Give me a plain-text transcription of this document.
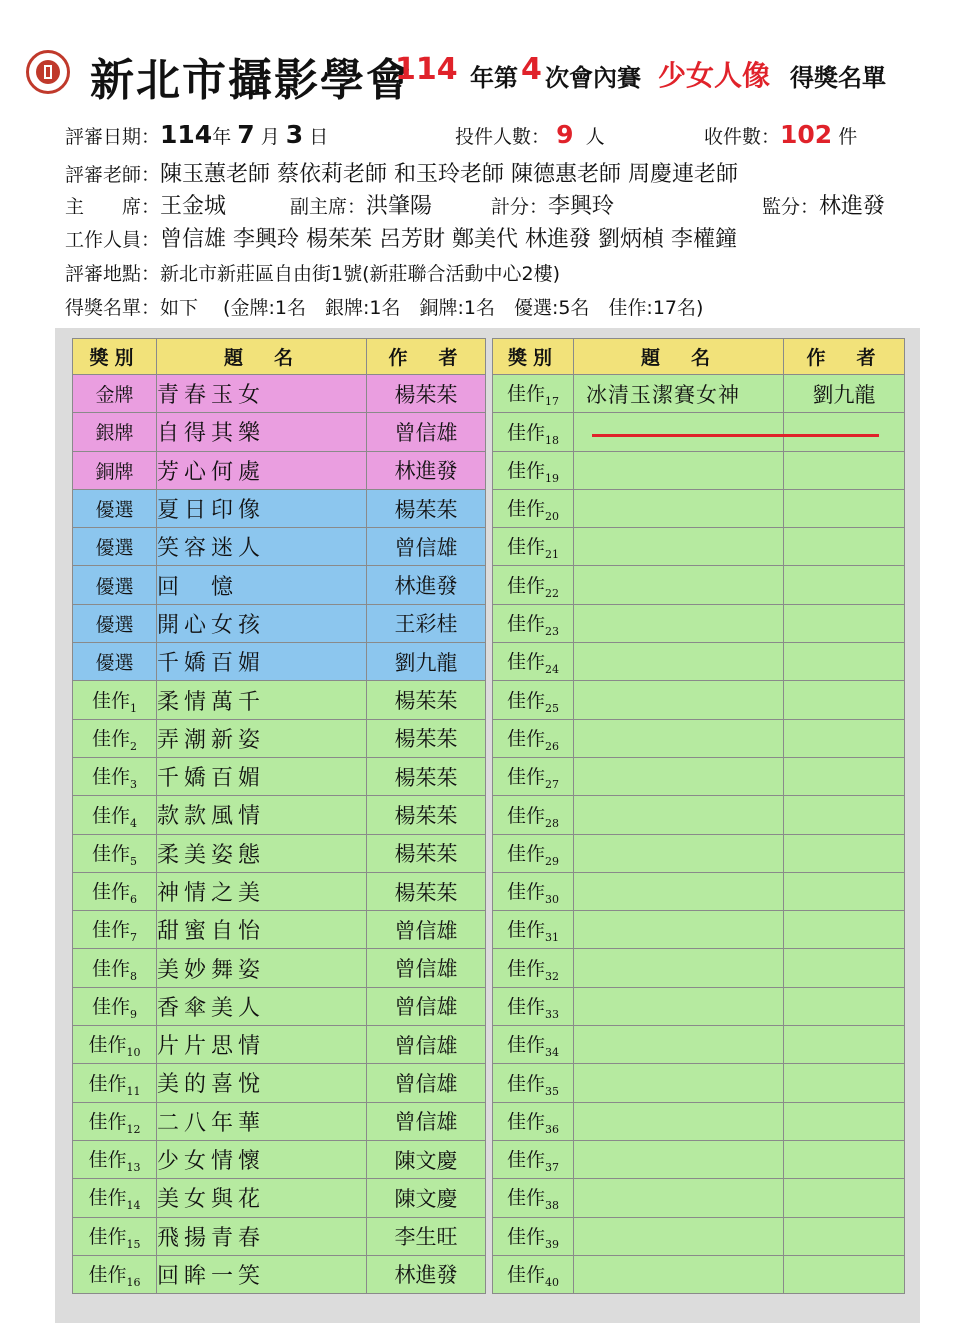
新北市攝影學會
114 年第 4 次會內賽 少女人像 得獎名單
評審日期：114年 7 月 3 日	投件人數： 9 人	收件數：102 件
評審老師：陳玉蕙老師 蔡依莉老師 和玉玲老師 陳德惠老師 周慶連老師
主　　席：王金城	副主席：洪肇陽	計分：李興玲	監分：林進發
工作人員：曾信雄 李興玲 楊茱茱 呂芳財 鄭美代 林進發 劉炳楨 李權鐘
評審地點：新北市新莊區自由街1號(新莊聯合活動中心2樓)
得獎名單：如下　 (金牌:1名　銀牌:1名　銅牌:1名　優選:5名　佳作:17名)
獎別	題　名	作　者
金牌	青春玉女	楊茱茱
銀牌	自得其樂	曾信雄
銅牌	芳心何處	林進發
優選	夏日印像	楊茱茱
優選	笑容迷人	曾信雄
優選	回　憶	林進發
優選	開心女孩	王彩桂
優選	千嬌百媚	劉九龍
佳作$_1$	柔情萬千	楊茱茱
佳作$_2$	弄潮新姿	楊茱茱
佳作$_3$	千嬌百媚	楊茱茱
佳作$_4$	款款風情	楊茱茱
佳作$_5$	柔美姿態	楊茱茱
佳作$_6$	神情之美	楊茱茱
佳作$_7$	甜蜜自怡	曾信雄
佳作$_8$	美妙舞姿	曾信雄
佳作$_9$	香傘美人	曾信雄
佳作$_{10}$	片片思情	曾信雄
佳作$_{11}$	美的喜悅	曾信雄
佳作$_{12}$	二八年華	曾信雄
佳作$_{13}$	少女情懷	陳文慶
佳作$_{14}$	美女與花	陳文慶
佳作$_{15}$	飛揚青春	李生旺
佳作$_{16}$	回眸一笑	林進發
獎別	題　名	作　者
佳作$_{17}$	冰清玉潔賽女神	劉九龍
佳作$_{18}$		
佳作$_{19}$		
佳作$_{20}$		
佳作$_{21}$		
佳作$_{22}$		
佳作$_{23}$		
佳作$_{24}$		
佳作$_{25}$		
佳作$_{26}$		
佳作$_{27}$		
佳作$_{28}$		
佳作$_{29}$		
佳作$_{30}$		
佳作$_{31}$		
佳作$_{32}$		
佳作$_{33}$		
佳作$_{34}$		
佳作$_{35}$		
佳作$_{36}$		
佳作$_{37}$		
佳作$_{38}$		
佳作$_{39}$		
佳作$_{40}$		
